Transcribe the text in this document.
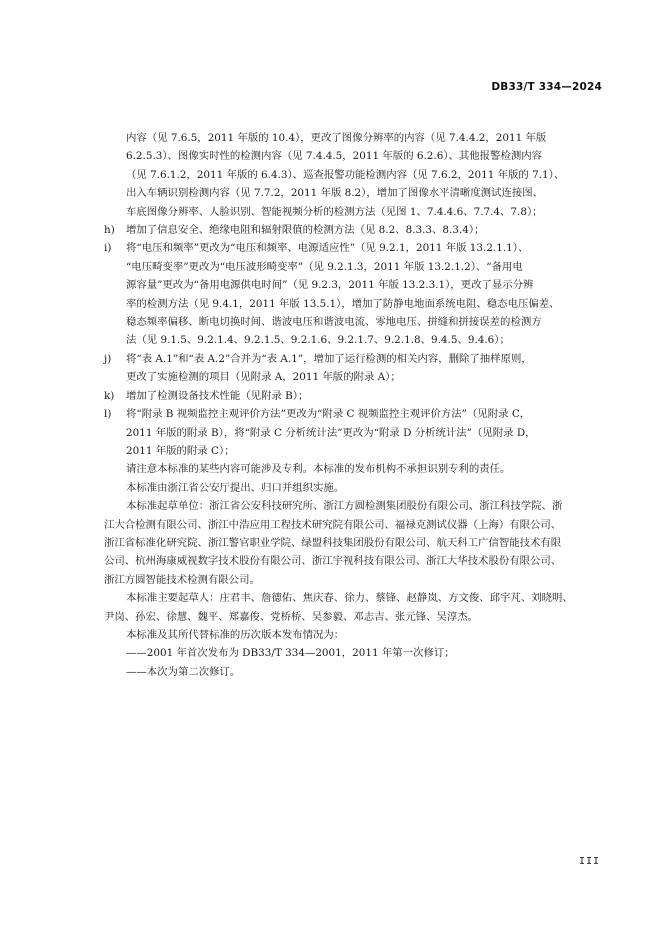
DB33/T 334—2024
内容（见 7.6.5，2011 年版的 10.4），更改了图像分辨率的内容（见 7.4.4.2，2011 年版
6.2.5.3）、图像实时性的检测内容（见 7.4.4.5，2011 年版的 6.2.6）、其他报警检测内容
（见 7.6.1.2，2011 年版的 6.4.3）、巡查报警功能检测内容（见 7.6.2，2011 年版的 7.1）、
出入车辆识别检测内容（见 7.7.2，2011 年版 8.2），增加了图像水平清晰度测试连接图、
车底图像分辨率、人脸识别、智能视频分析的检测方法（见图 1、7.4.4.6、7.7.4、7.8）；
h)	增加了信息安全、绝缘电阻和辐射限值的检测方法（见 8.2、8.3.3、8.3.4）；
i)	将“电压和频率”更改为“电压和频率、电源适应性”（见 9.2.1，2011 年版 13.2.1.1）、
“电压畸变率”更改为“电压波形畸变率”（见 9.2.1.3，2011 年版 13.2.1.2）、“备用电
源容量”更改为“备用电源供电时间”（见 9.2.3，2011 年版 13.2.3.1），更改了显示分辨
率的检测方法（见 9.4.1，2011 年版 13.5.1），增加了防静电地面系统电阻、稳态电压偏差、
稳态频率偏移、断电切换时间、谐波电压和谐波电流、零地电压、拼缝和拼接误差的检测方
法（见 9.1.5、9.2.1.4、9.2.1.5、9.2.1.6、9.2.1.7、9.2.1.8、9.4.5、9.4.6）；
j)	将“表 A.1”和“表 A.2”合并为“表 A.1”，增加了运行检测的相关内容，删除了抽样原则，
更改了实施检测的项目（见附录 A，2011 年版的附录 A）；
k)	增加了检测设备技术性能（见附录 B）；
l)	将“附录 B 视频监控主观评价方法”更改为“附录 C 视频监控主观评价方法”（见附录 C，
2011 年版的附录 B），将“附录 C 分析统计法”更改为“附录 D 分析统计法”（见附录 D，
2011 年版的附录 C）；
请注意本标准的某些内容可能涉及专利。本标准的发布机构不承担识别专利的责任。
本标准由浙江省公安厅提出、归口并组织实施。
本标准起草单位：浙江省公安科技研究所、浙江方圆检测集团股份有限公司、浙江科技学院、浙
江大合检测有限公司、浙江中浩应用工程技术研究院有限公司、福禄克测试仪器（上海）有限公司、
浙江省标准化研究院、浙江警官职业学院、绿盟科技集团股份有限公司、航天科工广信智能技术有限
公司、杭州海康威视数字技术股份有限公司、浙江宇视科技有限公司、浙江大华技术股份有限公司、
浙江方圆智能技术检测有限公司。
本标准主要起草人：庄君丰、詹德佑、焦庆春、徐力、蔡锋、赵静岚、方文俊、邱宇芃、刘晓明、
尹岗、孙宏、徐慧、魏平、郑嘉俊、党桥桥、吴参毅、邓志吉、张元锋、吴淳杰。
本标准及其所代替标准的历次版本发布情况为：
——2001 年首次发布为 DB33/T 334—2001，2011 年第一次修订；
——本次为第二次修订。
III
